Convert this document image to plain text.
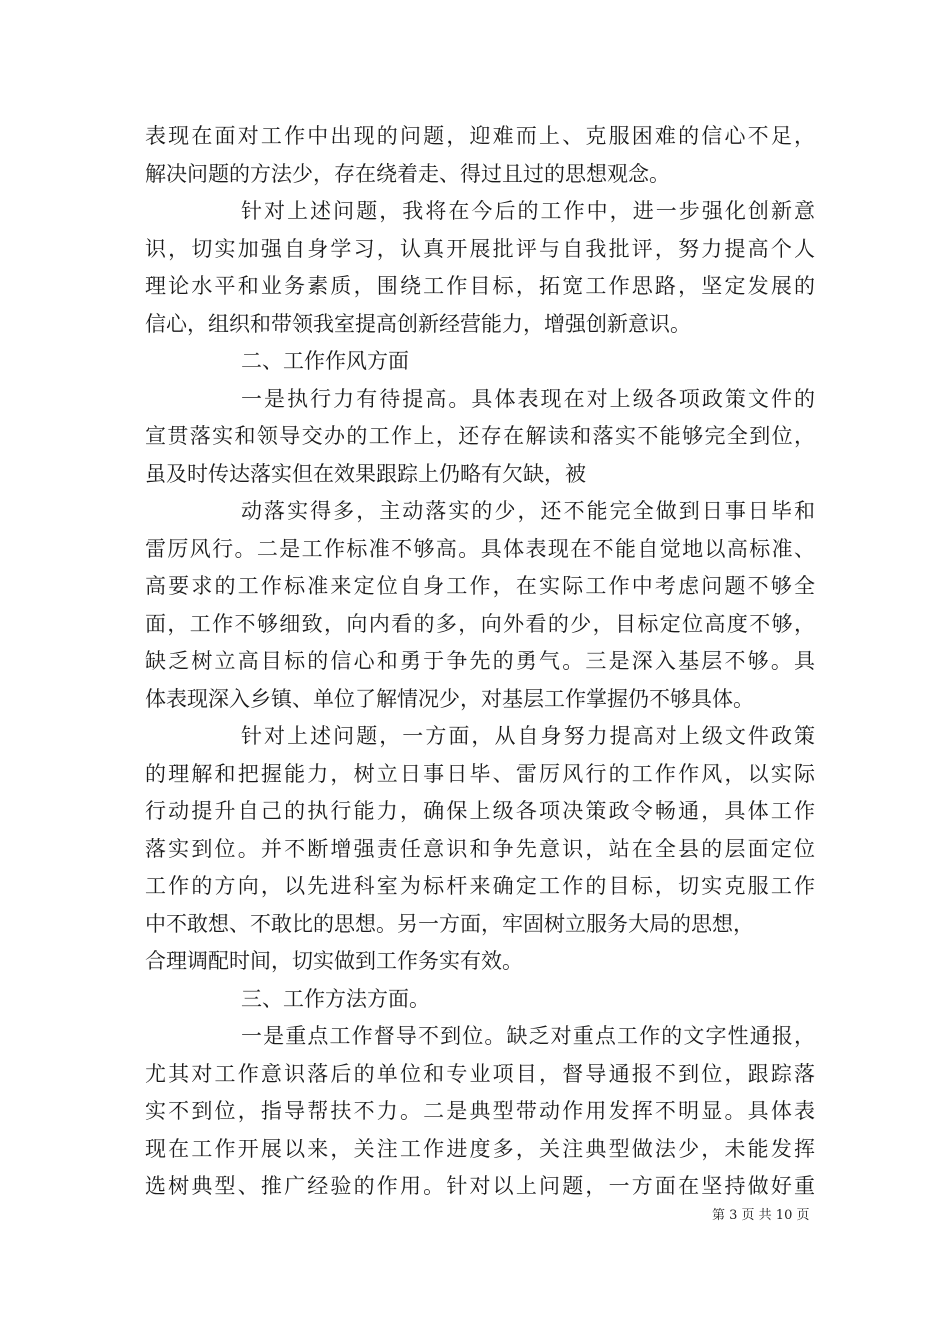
表现在面对工作中出现的问题，迎难而上、克服困难的信心不足，
解决问题的方法少，存在绕着走、得过且过的思想观念。
针对上述问题，我将在今后的工作中，进一步强化创新意
识，切实加强自身学习，认真开展批评与自我批评，努力提高个人
理论水平和业务素质，围绕工作目标，拓宽工作思路，坚定发展的
信心，组织和带领我室提高创新经营能力，增强创新意识。
二、工作作风方面
一是执行力有待提高。具体表现在对上级各项政策文件的
宣贯落实和领导交办的工作上，还存在解读和落实不能够完全到位，
虽及时传达落实但在效果跟踪上仍略有欠缺，被
动落实得多，主动落实的少，还不能完全做到日事日毕和
雷厉风行。二是工作标准不够高。具体表现在不能自觉地以高标准、
高要求的工作标准来定位自身工作，在实际工作中考虑问题不够全
面，工作不够细致，向内看的多，向外看的少，目标定位高度不够，
缺乏树立高目标的信心和勇于争先的勇气。三是深入基层不够。具
体表现深入乡镇、单位了解情况少，对基层工作掌握仍不够具体。
针对上述问题，一方面，从自身努力提高对上级文件政策
的理解和把握能力，树立日事日毕、雷厉风行的工作作风，以实际
行动提升自己的执行能力，确保上级各项决策政令畅通，具体工作
落实到位。并不断增强责任意识和争先意识，站在全县的层面定位
工作的方向，以先进科室为标杆来确定工作的目标，切实克服工作
中不敢想、不敢比的思想。另一方面，牢固树立服务大局的思想，
合理调配时间，切实做到工作务实有效。
三、工作方法方面。
一是重点工作督导不到位。缺乏对重点工作的文字性通报，
尤其对工作意识落后的单位和专业项目，督导通报不到位，跟踪落
实不到位，指导帮扶不力。二是典型带动作用发挥不明显。具体表
现在工作开展以来，关注工作进度多，关注典型做法少，未能发挥
选树典型、推广经验的作用。针对以上问题，一方面在坚持做好重
第 3 页 共 10 页
